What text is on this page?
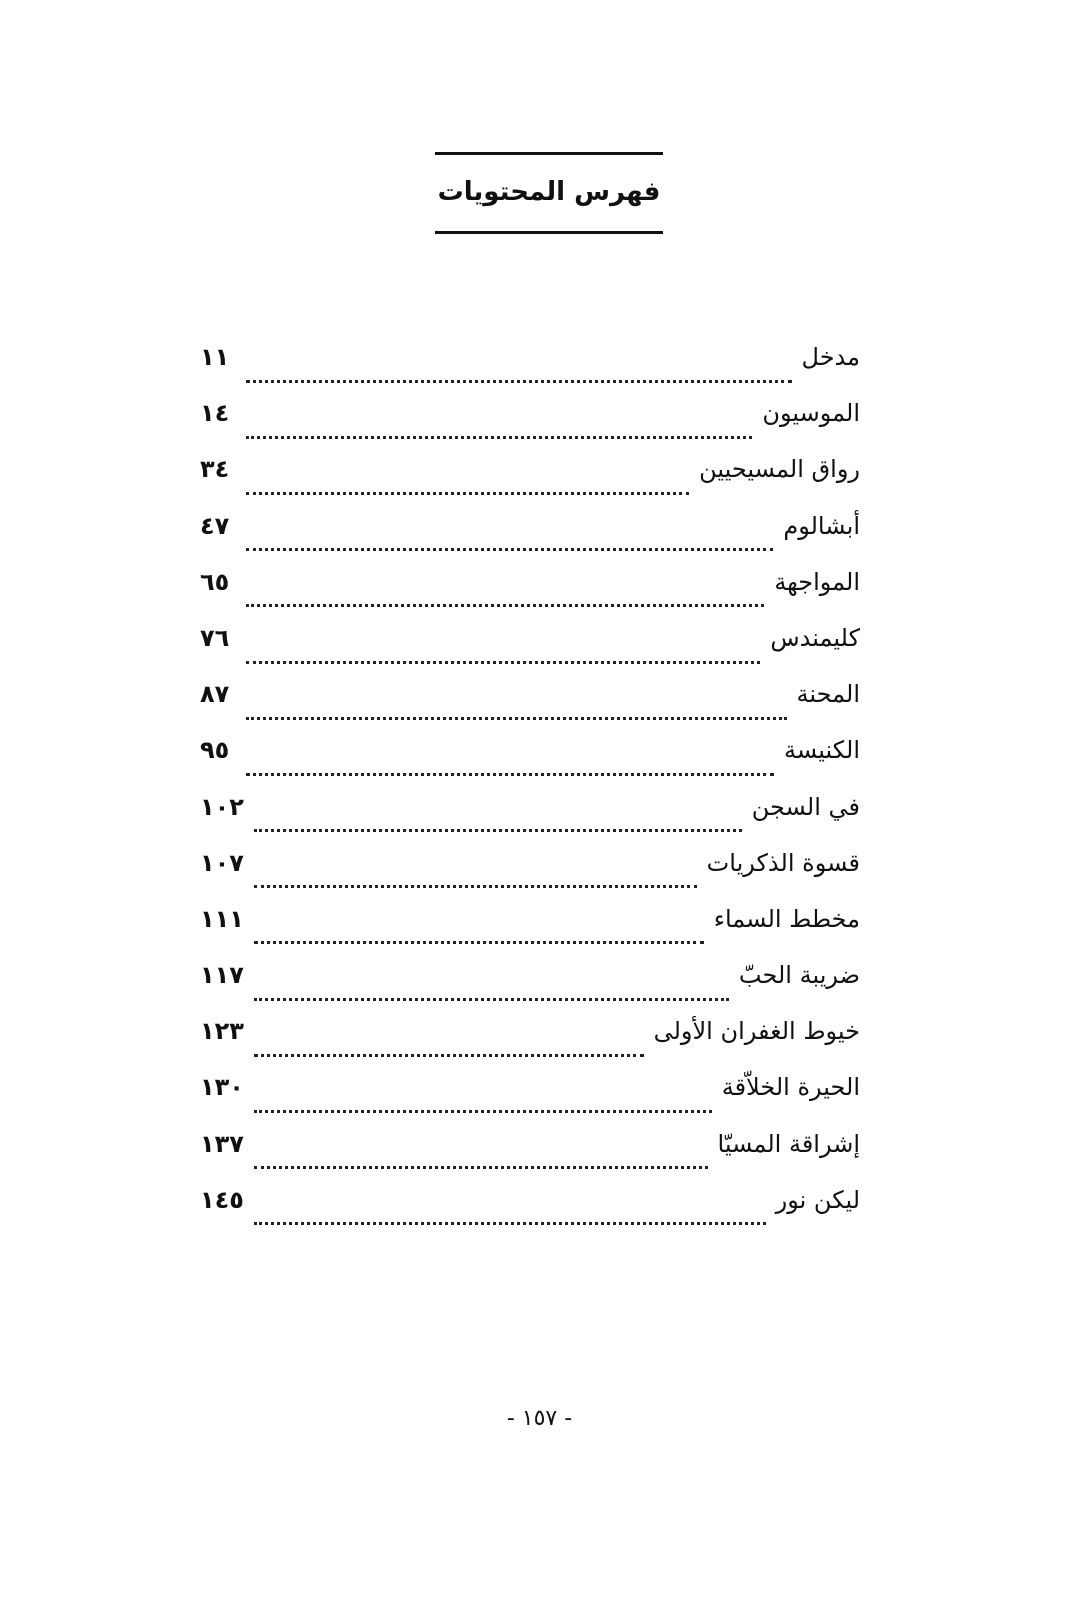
فهرس المحتويات
مدخل
١١
الموسيون
١٤
رواق المسيحيين
٣٤
أبشالوم
٤٧
المواجهة
٦٥
كليمندس
٧٦
المحنة
٨٧
الكنيسة
٩٥
في السجن
١٠٢
قسوة الذكريات
١٠٧
مخطط السماء
١١١
ضريبة الحبّ
١١٧
خيوط الغفران الأولى
١٢٣
الحيرة الخلاّقة
١٣٠
إشراقة المسيّا
١٣٧
ليكن نور
١٤٥
- ١٥٧ -
